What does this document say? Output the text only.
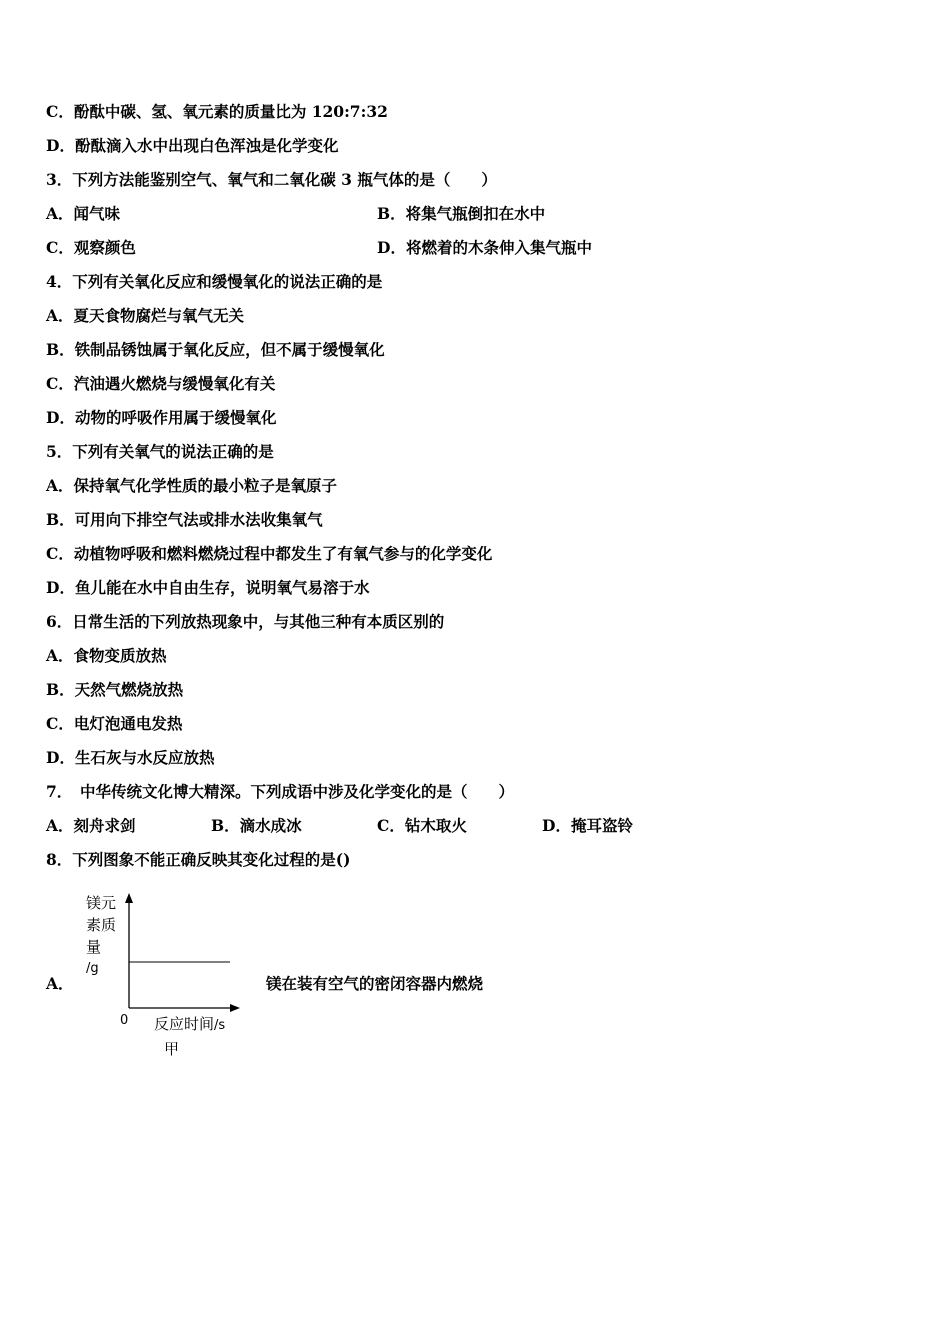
C．酚酞中碳、氢、氧元素的质量比为 120:7:32
D．酚酞滴入水中出现白色浑浊是化学变化
3．下列方法能鉴别空气、氧气和二氧化碳 3 瓶气体的是（　　）
A．闻气味	B．将集气瓶倒扣在水中
C．观察颜色	D．将燃着的木条伸入集气瓶中
4．下列有关氧化反应和缓慢氧化的说法正确的是
A．夏天食物腐烂与氧气无关
B．铁制品锈蚀属于氧化反应，但不属于缓慢氧化
C．汽油遇火燃烧与缓慢氧化有关
D．动物的呼吸作用属于缓慢氧化
5．下列有关氧气的说法正确的是
A．保持氧气化学性质的最小粒子是氧原子
B．可用向下排空气法或排水法收集氧气
C．动植物呼吸和燃料燃烧过程中都发生了有氧气参与的化学变化
D．鱼儿能在水中自由生存，说明氧气易溶于水
6．日常生活的下列放热现象中，与其他三种有本质区别的
A．食物变质放热
B．天然气燃烧放热
C．电灯泡通电发热
D．生石灰与水反应放热
7．　中华传统文化博大精深。下列成语中涉及化学变化的是（　　）
A．刻舟求剑	B．滴水成冰	C．钻木取火	D．掩耳盗铃
8．下列图象不能正确反映其变化过程的是()
A．
镁元
素质
量
/g
0 反应时间/s
甲
镁在装有空气的密闭容器内燃烧
